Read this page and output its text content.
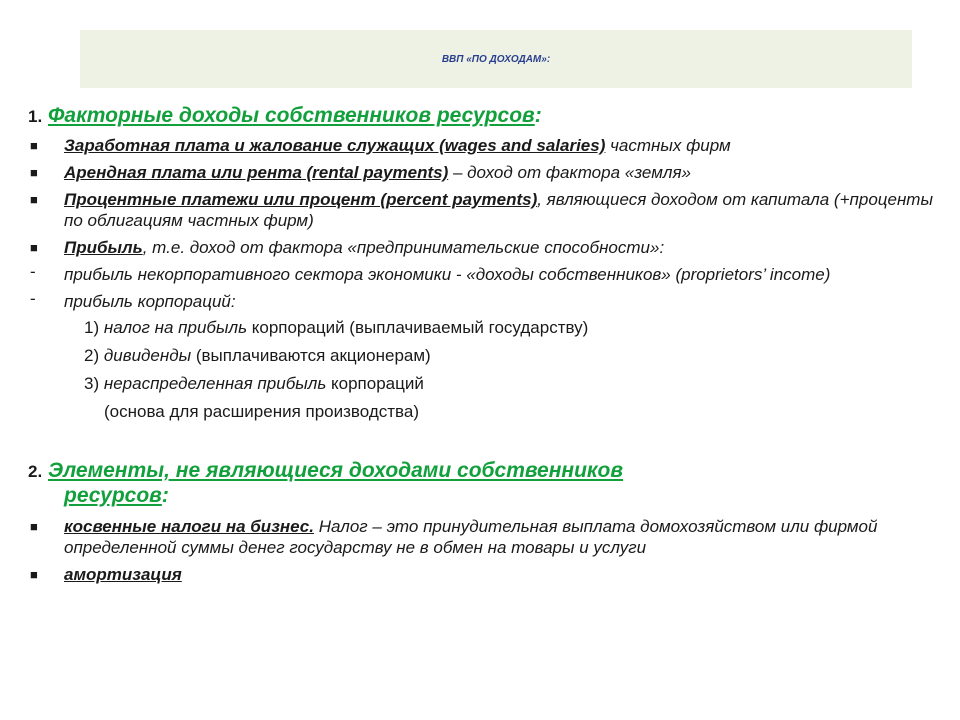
ВВП «ПО ДОХОДАМ»:
1. Факторные доходы собственников ресурсов:
■ Заработная плата и жалование служащих (wages and salaries) частных фирм
■ Арендная плата или рента (rental payments) – доход от фактора «земля»
■ Процентные платежи или процент (percent payments), являющиеся доходом от капитала (+проценты по облигациям частных фирм)
■ Прибыль, т.е. доход от фактора «предпринимательские способности»:
- прибыль некорпоративного сектора экономики - «доходы собственников» (proprietors’ income)
- прибыль корпораций:
1) налог на прибыль корпораций (выплачиваемый государству)
2) дивиденды (выплачиваются акционерам)
3) нераспределенная прибыль корпораций
(основа для расширения производства)
2. Элементы, не являющиеся доходами собственников
ресурсов:
■ косвенные налоги на бизнес. Налог – это принудительная выплата домохозяйством или фирмой определенной суммы денег государству не в обмен на товары и услуги
■ амортизация
